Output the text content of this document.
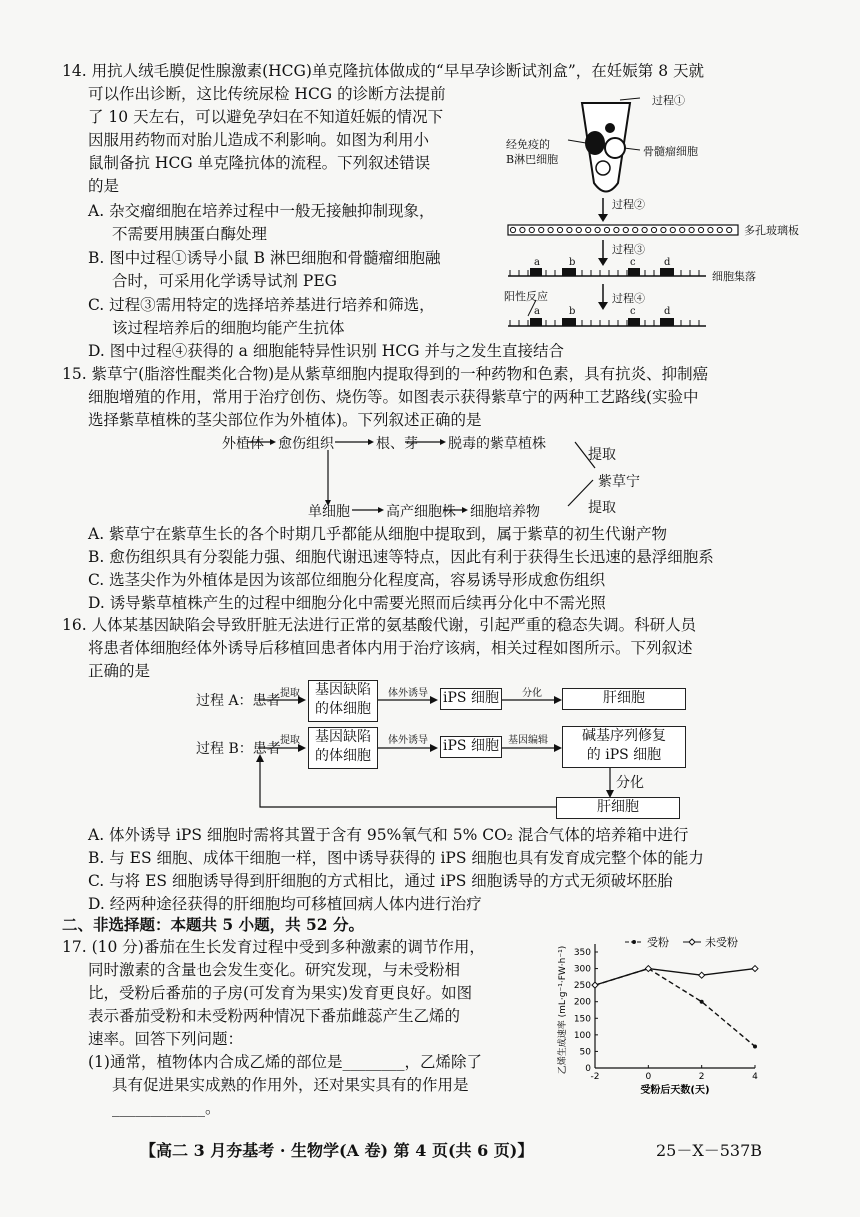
14. 用抗人绒毛膜促性腺激素(HCG)单克隆抗体做成的“早早孕诊断试剂盒”，在妊娠第 8 天就
可以作出诊断，这比传统尿检 HCG 的诊断方法提前
了 10 天左右，可以避免孕妇在不知道妊娠的情况下
因服用药物而对胎儿造成不利影响。如图为利用小
鼠制备抗 HCG 单克隆抗体的流程。下列叙述错误
的是
A. 杂交瘤细胞在培养过程中一般无接触抑制现象，
不需要用胰蛋白酶处理
B. 图中过程①诱导小鼠 B 淋巴细胞和骨髓瘤细胞融
合时，可采用化学诱导试剂 PEG
C. 过程③需用特定的选择培养基进行培养和筛选，
该过程培养后的细胞均能产生抗体
D. 图中过程④获得的 a 细胞能特异性识别 HCG 并与之发生直接结合
过程①
经免疫的
B淋巴细胞
骨髓瘤细胞
过程②
多孔玻璃板
过程③
细胞集落
a	b	c	d
阳性反应	过程④
a	b	c	d
15. 紫草宁(脂溶性醌类化合物)是从紫草细胞内提取得到的一种药物和色素，具有抗炎、抑制癌
细胞增殖的作用，常用于治疗创伤、烧伤等。如图表示获得紫草宁的两种工艺路线(实验中
选择紫草植株的茎尖部位作为外植体)。下列叙述正确的是
外植体 愈伤组织	根、芽 脱毒的紫草植株
提取
紫草宁
提取
单细胞	高产细胞株 细胞培养物
A. 紫草宁在紫草生长的各个时期几乎都能从细胞中提取到，属于紫草的初生代谢产物
B. 愈伤组织具有分裂能力强、细胞代谢迅速等特点，因此有利于获得生长迅速的悬浮细胞系
C. 选茎尖作为外植体是因为该部位细胞分化程度高，容易诱导形成愈伤组织
D. 诱导紫草植株产生的过程中细胞分化中需要光照而后续再分化中不需光照
16. 人体某基因缺陷会导致肝脏无法进行正常的氨基酸代谢，引起严重的稳态失调。科研人员
将患者体细胞经体外诱导后移植回患者体内用于治疗该病，相关过程如图所示。下列叙述
正确的是
过程 A：患者 提取	基因缺陷
的体细胞
体外诱导 iPS 细胞	分化	肝细胞
过程 B：患者
提取	基因缺陷
的体细胞
体外诱导 iPS 细胞 基因编辑	碱基序列修复
的 iPS 细胞
分化
肝细胞
A. 体外诱导 iPS 细胞时需将其置于含有 95%氧气和 5% CO₂ 混合气体的培养箱中进行
B. 与 ES 细胞、成体干细胞一样，图中诱导获得的 iPS 细胞也具有发育成完整个体的能力
C. 与将 ES 细胞诱导得到肝细胞的方式相比，通过 iPS 细胞诱导的方式无须破坏胚胎
D. 经两种途径获得的肝细胞均可移植回病人体内进行治疗
二、非选择题：本题共 5 小题，共 52 分。
17. (10 分)番茄在生长发育过程中受到多种激素的调节作用，
同时激素的含量也会发生变化。研究发现，与未受粉相
比，受粉后番茄的子房(可发育为果实)发育更良好。如图
表示番茄受粉和未受粉两种情况下番茄雌蕊产生乙烯的
速率。回答下列问题：
(1)通常，植物体内合成乙烯的部位是________，乙烯除了
具有促进果实成熟的作用外，还对果实具有的作用是
____________。
0
50
100
150
200
250
300
350
-2	0	2	4
受粉后天数(天)
乙烯生成速率 (mL·g⁻¹·FW·h⁻¹)
受粉	未受粉
【高二 3 月夯基考 · 生物学(A 卷) 第 4 页(共 6 页)】	25－X－537B
